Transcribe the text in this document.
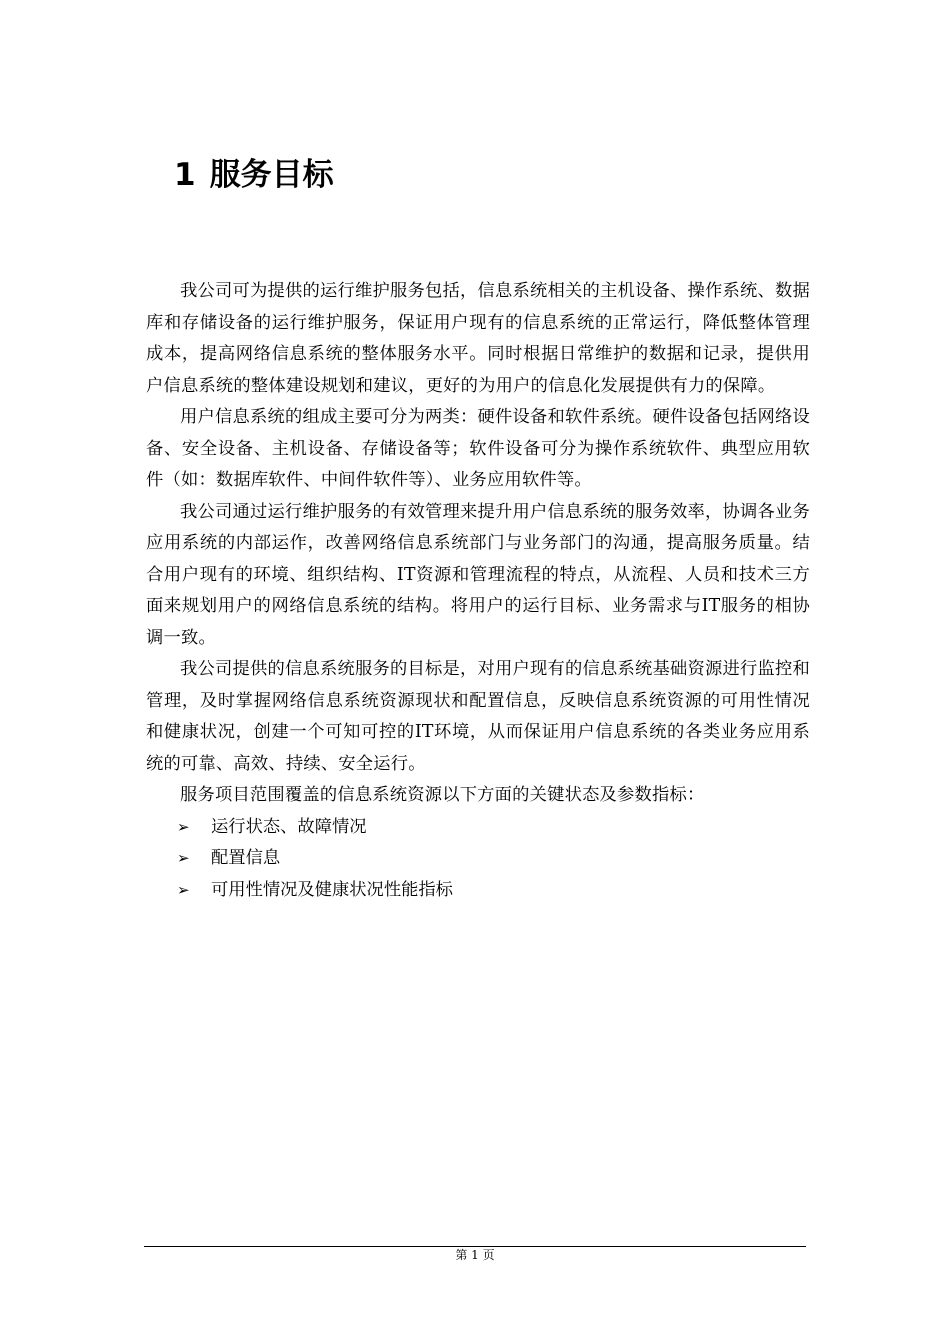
1 服务目标

我公司可为提供的运行维护服务包括，信息系统相关的主机设备、操作系统、数据库和存储设备的运行维护服务，保证用户现有的信息系统的正常运行，降低整体管理成本，提高网络信息系统的整体服务水平。同时根据日常维护的数据和记录，提供用户信息系统的整体建设规划和建议，更好的为用户的信息化发展提供有力的保障。

用户信息系统的组成主要可分为两类：硬件设备和软件系统。硬件设备包括网络设备、安全设备、主机设备、存储设备等；软件设备可分为操作系统软件、典型应用软件（如：数据库软件、中间件软件等）、业务应用软件等。

我公司通过运行维护服务的有效管理来提升用户信息系统的服务效率，协调各业务应用系统的内部运作，改善网络信息系统部门与业务部门的沟通，提高服务质量。结合用户现有的环境、组织结构、IT资源和管理流程的特点，从流程、人员和技术三方面来规划用户的网络信息系统的结构。将用户的运行目标、业务需求与IT服务的相协调一致。

我公司提供的信息系统服务的目标是，对用户现有的信息系统基础资源进行监控和管理，及时掌握网络信息系统资源现状和配置信息，反映信息系统资源的可用性情况和健康状况，创建一个可知可控的IT环境，从而保证用户信息系统的各类业务应用系统的可靠、高效、持续、安全运行。

服务项目范围覆盖的信息系统资源以下方面的关键状态及参数指标：

➢ 运行状态、故障情况
➢ 配置信息
➢ 可用性情况及健康状况性能指标
第 1 页
